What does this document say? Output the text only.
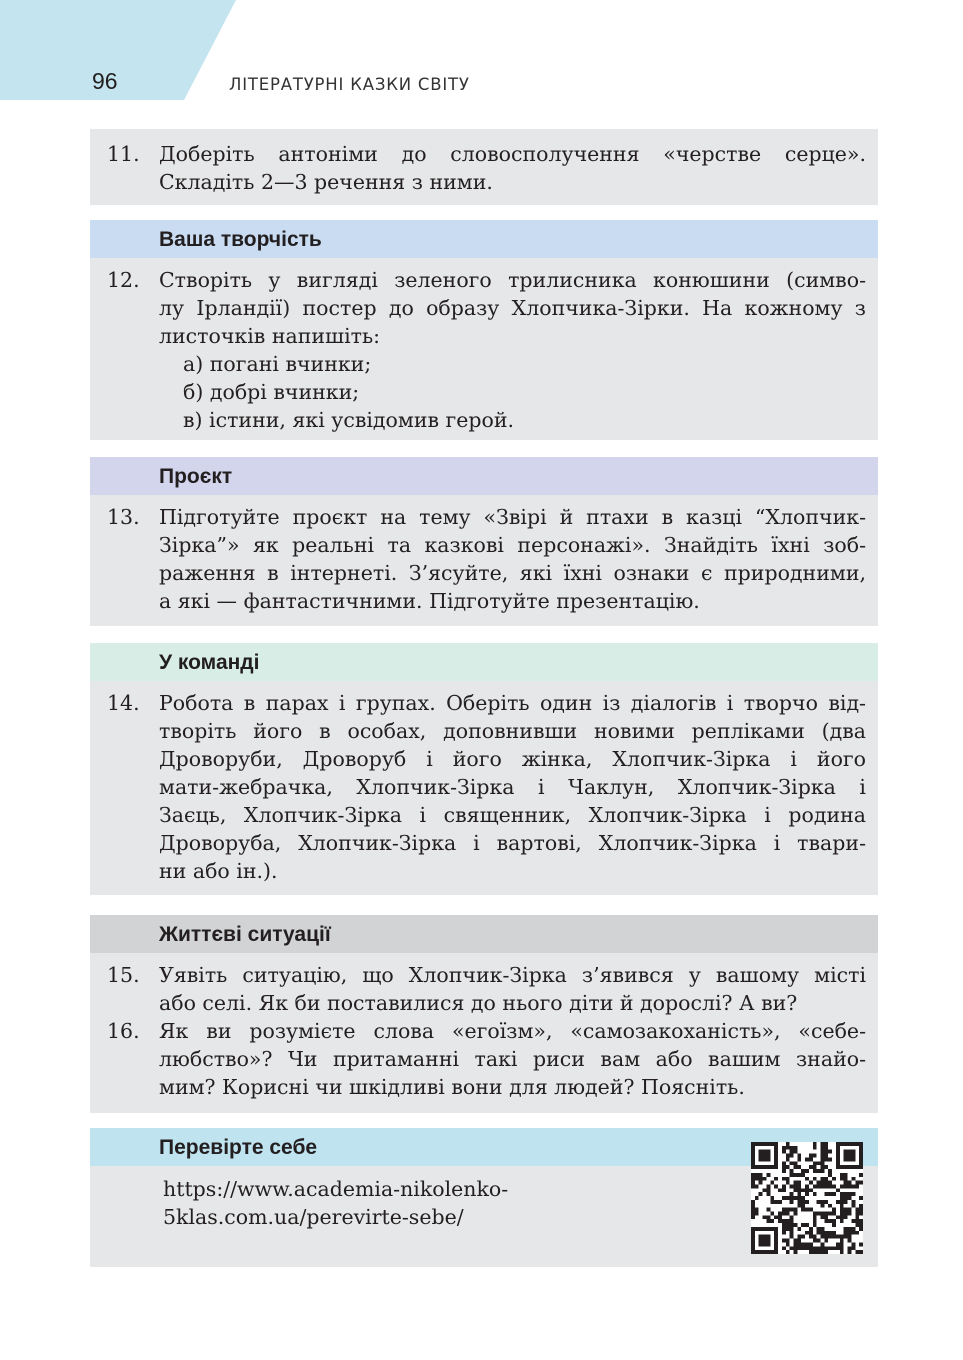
96	ЛІТЕРАТУРНІ КАЗКИ СВІТУ
11. Доберіть антоніми до словосполучення «черстве серце».
Складіть 2—3 речення з ними.
Ваша творчість
12. Створіть у вигляді зеленого трилисника конюшини (симво-
лу Ірландії) постер до образу Хлопчика-Зірки. На кожному з
листочків напишіть:
а) погані вчинки;
б) добрі вчинки;
в) істини, які усвідомив герой.
Проєкт
13. Підготуйте проєкт на тему «Звірі й птахи в казці “Хлопчик-
Зірка”» як реальні та казкові персонажі». Знайдіть їхні зоб-
раження в інтернеті. З’ясуйте, які їхні ознаки є природними,
а які — фантастичними. Підготуйте презентацію.
У команді
14. Робота в парах і групах. Оберіть один із діалогів і творчо від-
творіть його в особах, доповнивши новими репліками (два
Дроворуби, Дроворуб і його жінка, Хлопчик-Зірка і його
мати-жебрачка, Хлопчик-Зірка і Чаклун, Хлопчик-Зірка і
Заєць, Хлопчик-Зірка і священник, Хлопчик-Зірка і родина
Дроворуба, Хлопчик-Зірка і вартові, Хлопчик-Зірка і твари-
ни або ін.).
Життєві ситуації
15. Уявіть ситуацію, що Хлопчик-Зірка з’явився у вашому місті
або селі. Як би поставилися до нього діти й дорослі? А ви?
16. Як ви розумієте слова «егоїзм», «самозакоханість», «себе-
любство»? Чи притаманні такі риси вам або вашим знайо-
мим? Корисні чи шкідливі вони для людей? Поясніть.
Перевірте себе
https://www.academia-nikolenko-
5klas.com.ua/perevirte-sebe/
